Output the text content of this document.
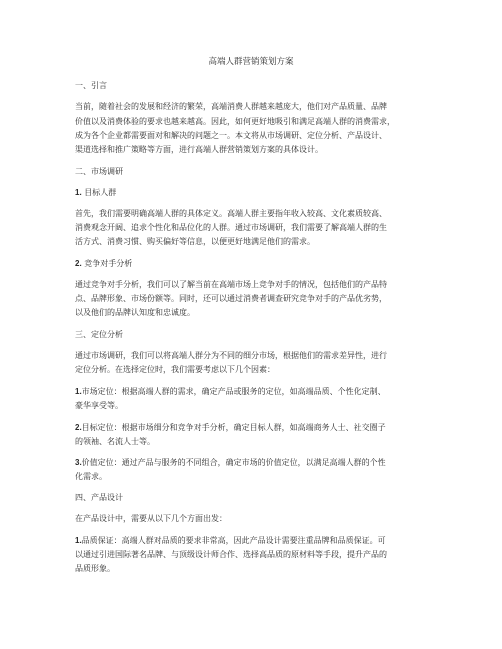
高端人群营销策划方案
一、引言
当前，随着社会的发展和经济的繁荣，高端消费人群越来越庞大，他们对产品质量、品牌
价值以及消费体验的要求也越来越高。因此，如何更好地吸引和满足高端人群的消费需求，
成为各个企业都需要面对和解决的问题之一。本文将从市场调研、定位分析、产品设计、
渠道选择和推广策略等方面，进行高端人群营销策划方案的具体设计。
二、市场调研
1. 目标人群
首先，我们需要明确高端人群的具体定义。高端人群主要指年收入较高、文化素质较高、
消费观念开阔、追求个性化和品位化的人群。通过市场调研，我们需要了解高端人群的生
活方式、消费习惯、购买偏好等信息，以便更好地满足他们的需求。
2. 竞争对手分析
通过竞争对手分析，我们可以了解当前在高端市场上竞争对手的情况，包括他们的产品特
点、品牌形象、市场份额等。同时，还可以通过消费者调查研究竞争对手的产品优劣势，
以及他们的品牌认知度和忠诚度。
三、定位分析
通过市场调研，我们可以将高端人群分为不同的细分市场，根据他们的需求差异性，进行
定位分析。在选择定位时，我们需要考虑以下几个因素：
1.市场定位：根据高端人群的需求，确定产品或服务的定位，如高端品质、个性化定制、
豪华享受等。
2.目标定位：根据市场细分和竞争对手分析，确定目标人群，如高端商务人士、社交圈子
的领袖、名流人士等。
3.价值定位：通过产品与服务的不同组合，确定市场的价值定位，以满足高端人群的个性
化需求。
四、产品设计
在产品设计中，需要从以下几个方面出发：
1.品质保证：高端人群对品质的要求非常高，因此产品设计需要注重品牌和品质保证。可
以通过引进国际著名品牌、与顶级设计师合作、选择高品质的原材料等手段，提升产品的
品质形象。
